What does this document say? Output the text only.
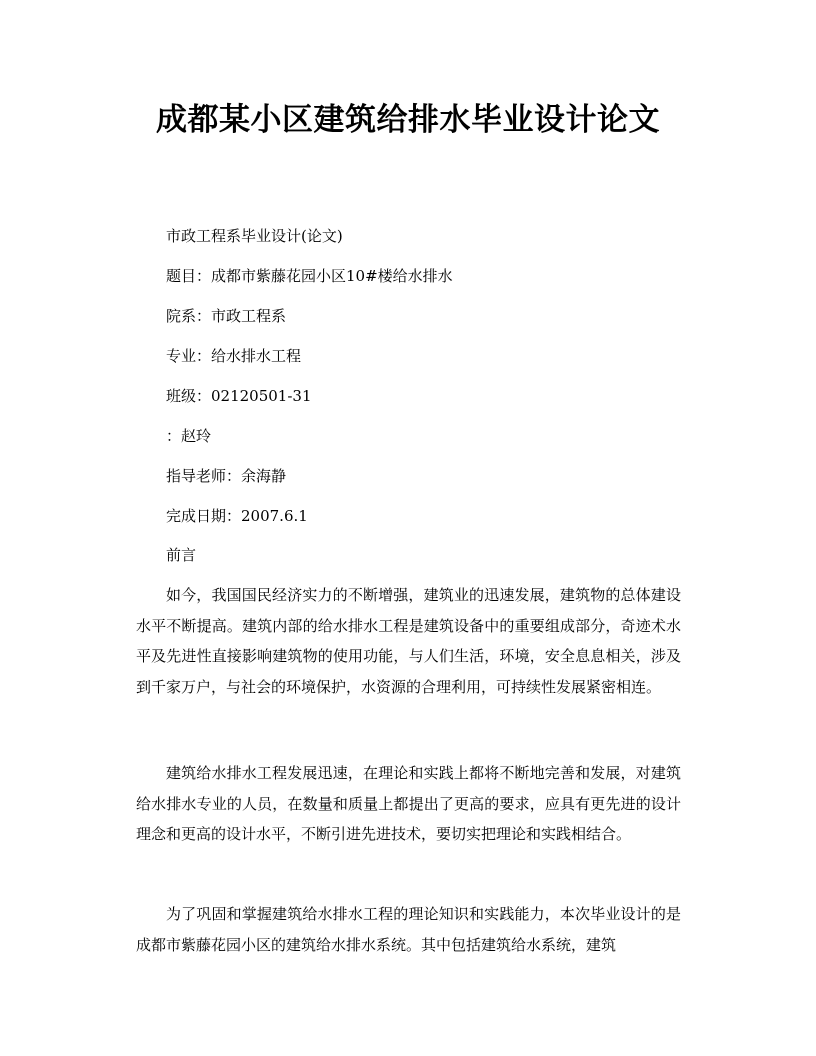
成都某小区建筑给排水毕业设计论文
市政工程系毕业设计(论文)
题目：成都市紫藤花园小区10#楼给水排水
院系：市政工程系
专业：给水排水工程
班级：02120501-31
：赵玲
指导老师：余海静
完成日期：2007.6.1
前言

如今，我国国民经济实力的不断增强，建筑业的迅速发展，建筑物的总体建设水平不断提高。建筑内部的给水排水工程是建筑设备中的重要组成部分，奇迹术水平及先进性直接影响建筑物的使用功能，与人们生活，环境，安全息息相关，涉及到千家万户，与社会的环境保护，水资源的合理利用，可持续性发展紧密相连。

建筑给水排水工程发展迅速，在理论和实践上都将不断地完善和发展，对建筑给水排水专业的人员，在数量和质量上都提出了更高的要求，应具有更先进的设计理念和更高的设计水平，不断引进先进技术，要切实把理论和实践相结合。

为了巩固和掌握建筑给水排水工程的理论知识和实践能力，本次毕业设计的是成都市紫藤花园小区的建筑给水排水系统。其中包括建筑给水系统，建筑
